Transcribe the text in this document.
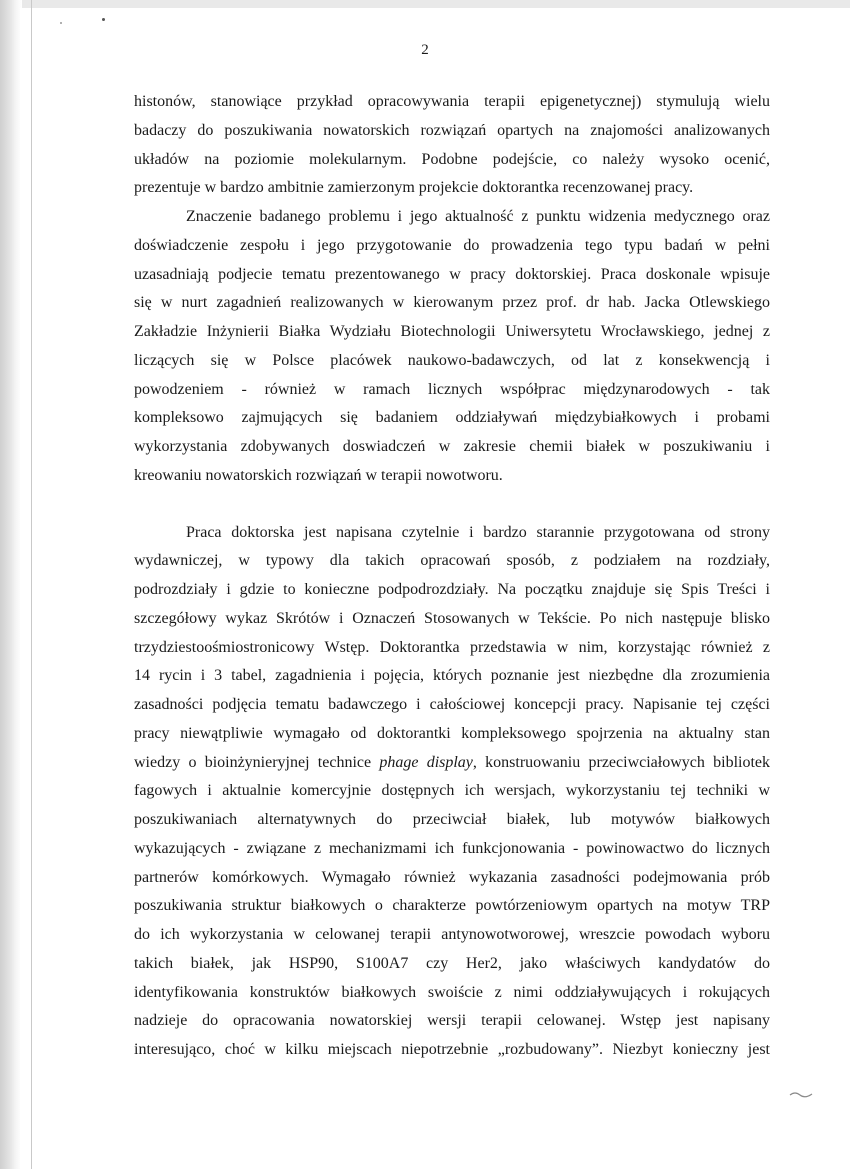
2
histonów, stanowiące przykład opracowywania terapii epigenetycznej) stymulują wielu
badaczy do poszukiwania nowatorskich rozwiązań opartych na znajomości analizowanych
układów na poziomie molekularnym. Podobne podejście, co należy wysoko ocenić,
prezentuje w bardzo ambitnie zamierzonym projekcie doktorantka recenzowanej pracy.
Znaczenie badanego problemu i jego aktualność z punktu widzenia medycznego oraz
doświadczenie zespołu i jego przygotowanie do prowadzenia tego typu badań w pełni
uzasadniają podjecie tematu prezentowanego w pracy doktorskiej. Praca doskonale wpisuje
się w nurt zagadnień realizowanych w kierowanym przez prof. dr hab. Jacka Otlewskiego
Zakładzie Inżynierii Białka Wydziału Biotechnologii Uniwersytetu Wrocławskiego, jednej z
liczących się w Polsce placówek naukowo-badawczych, od lat z konsekwencją i
powodzeniem - również w ramach licznych współprac międzynarodowych - tak
kompleksowo zajmujących się badaniem oddziaływań międzybiałkowych i probami
wykorzystania zdobywanych doswiadczeń w zakresie chemii białek w poszukiwaniu i
kreowaniu nowatorskich rozwiązań w terapii nowotworu.
Praca doktorska jest napisana czytelnie i bardzo starannie przygotowana od strony
wydawniczej, w typowy dla takich opracowań sposób, z podziałem na rozdziały,
podrozdziały i gdzie to konieczne podpodrozdziały. Na początku znajduje się Spis Treści i
szczegółowy wykaz Skrótów i Oznaczeń Stosowanych w Tekście. Po nich następuje blisko
trzydziestoośmiostronicowy Wstęp. Doktorantka przedstawia w nim, korzystając również z
14 rycin i 3 tabel, zagadnienia i pojęcia, których poznanie jest niezbędne dla zrozumienia
zasadności podjęcia tematu badawczego i całościowej koncepcji pracy. Napisanie tej części
pracy niewątpliwie wymagało od doktorantki kompleksowego spojrzenia na aktualny stan
wiedzy o bioinżynieryjnej technice phage display, konstruowaniu przeciwciałowych bibliotek
fagowych i aktualnie komercyjnie dostępnych ich wersjach, wykorzystaniu tej techniki w
poszukiwaniach alternatywnych do przeciwciał białek, lub motywów białkowych
wykazujących - związane z mechanizmami ich funkcjonowania - powinowactwo do licznych
partnerów komórkowych. Wymagało również wykazania zasadności podejmowania prób
poszukiwania struktur białkowych o charakterze powtórzeniowym opartych na motyw TRP
do ich wykorzystania w celowanej terapii antynowotworowej, wreszcie powodach wyboru
takich białek, jak HSP90, S100A7 czy Her2, jako właściwych kandydatów do
identyfikowania konstruktów białkowych swoiście z nimi oddziaływujących i rokujących
nadzieje do opracowania nowatorskiej wersji terapii celowanej. Wstęp jest napisany
interesująco, choć w kilku miejscach niepotrzebnie „rozbudowany”. Niezbyt konieczny jest
